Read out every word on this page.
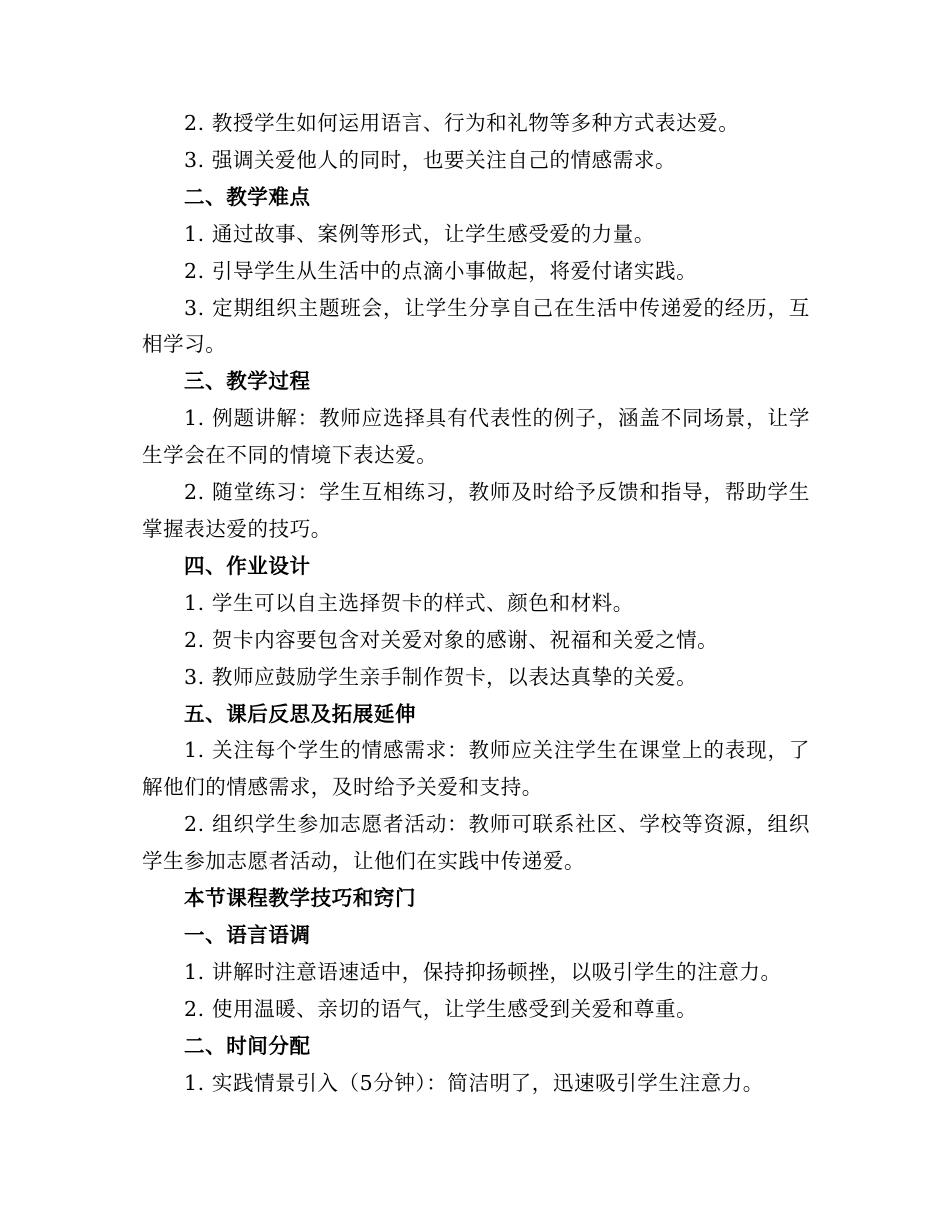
2. 教授学生如何运用语言、行为和礼物等多种方式表达爱。

3. 强调关爱他人的同时，也要关注自己的情感需求。

二、教学难点

1. 通过故事、案例等形式，让学生感受爱的力量。

2. 引导学生从生活中的点滴小事做起，将爱付诸实践。

3. 定期组织主题班会，让学生分享自己在生活中传递爱的经历，互相学习。

三、教学过程

1. 例题讲解：教师应选择具有代表性的例子，涵盖不同场景，让学生学会在不同的情境下表达爱。

2. 随堂练习：学生互相练习，教师及时给予反馈和指导，帮助学生掌握表达爱的技巧。

四、作业设计

1. 学生可以自主选择贺卡的样式、颜色和材料。

2. 贺卡内容要包含对关爱对象的感谢、祝福和关爱之情。

3. 教师应鼓励学生亲手制作贺卡，以表达真挚的关爱。

五、课后反思及拓展延伸

1. 关注每个学生的情感需求：教师应关注学生在课堂上的表现，了解他们的情感需求，及时给予关爱和支持。

2. 组织学生参加志愿者活动：教师可联系社区、学校等资源，组织学生参加志愿者活动，让他们在实践中传递爱。

本节课程教学技巧和窍门

一、语言语调

1. 讲解时注意语速适中，保持抑扬顿挫，以吸引学生的注意力。

2. 使用温暖、亲切的语气，让学生感受到关爱和尊重。

二、时间分配

1. 实践情景引入（5分钟）：简洁明了，迅速吸引学生注意力。
